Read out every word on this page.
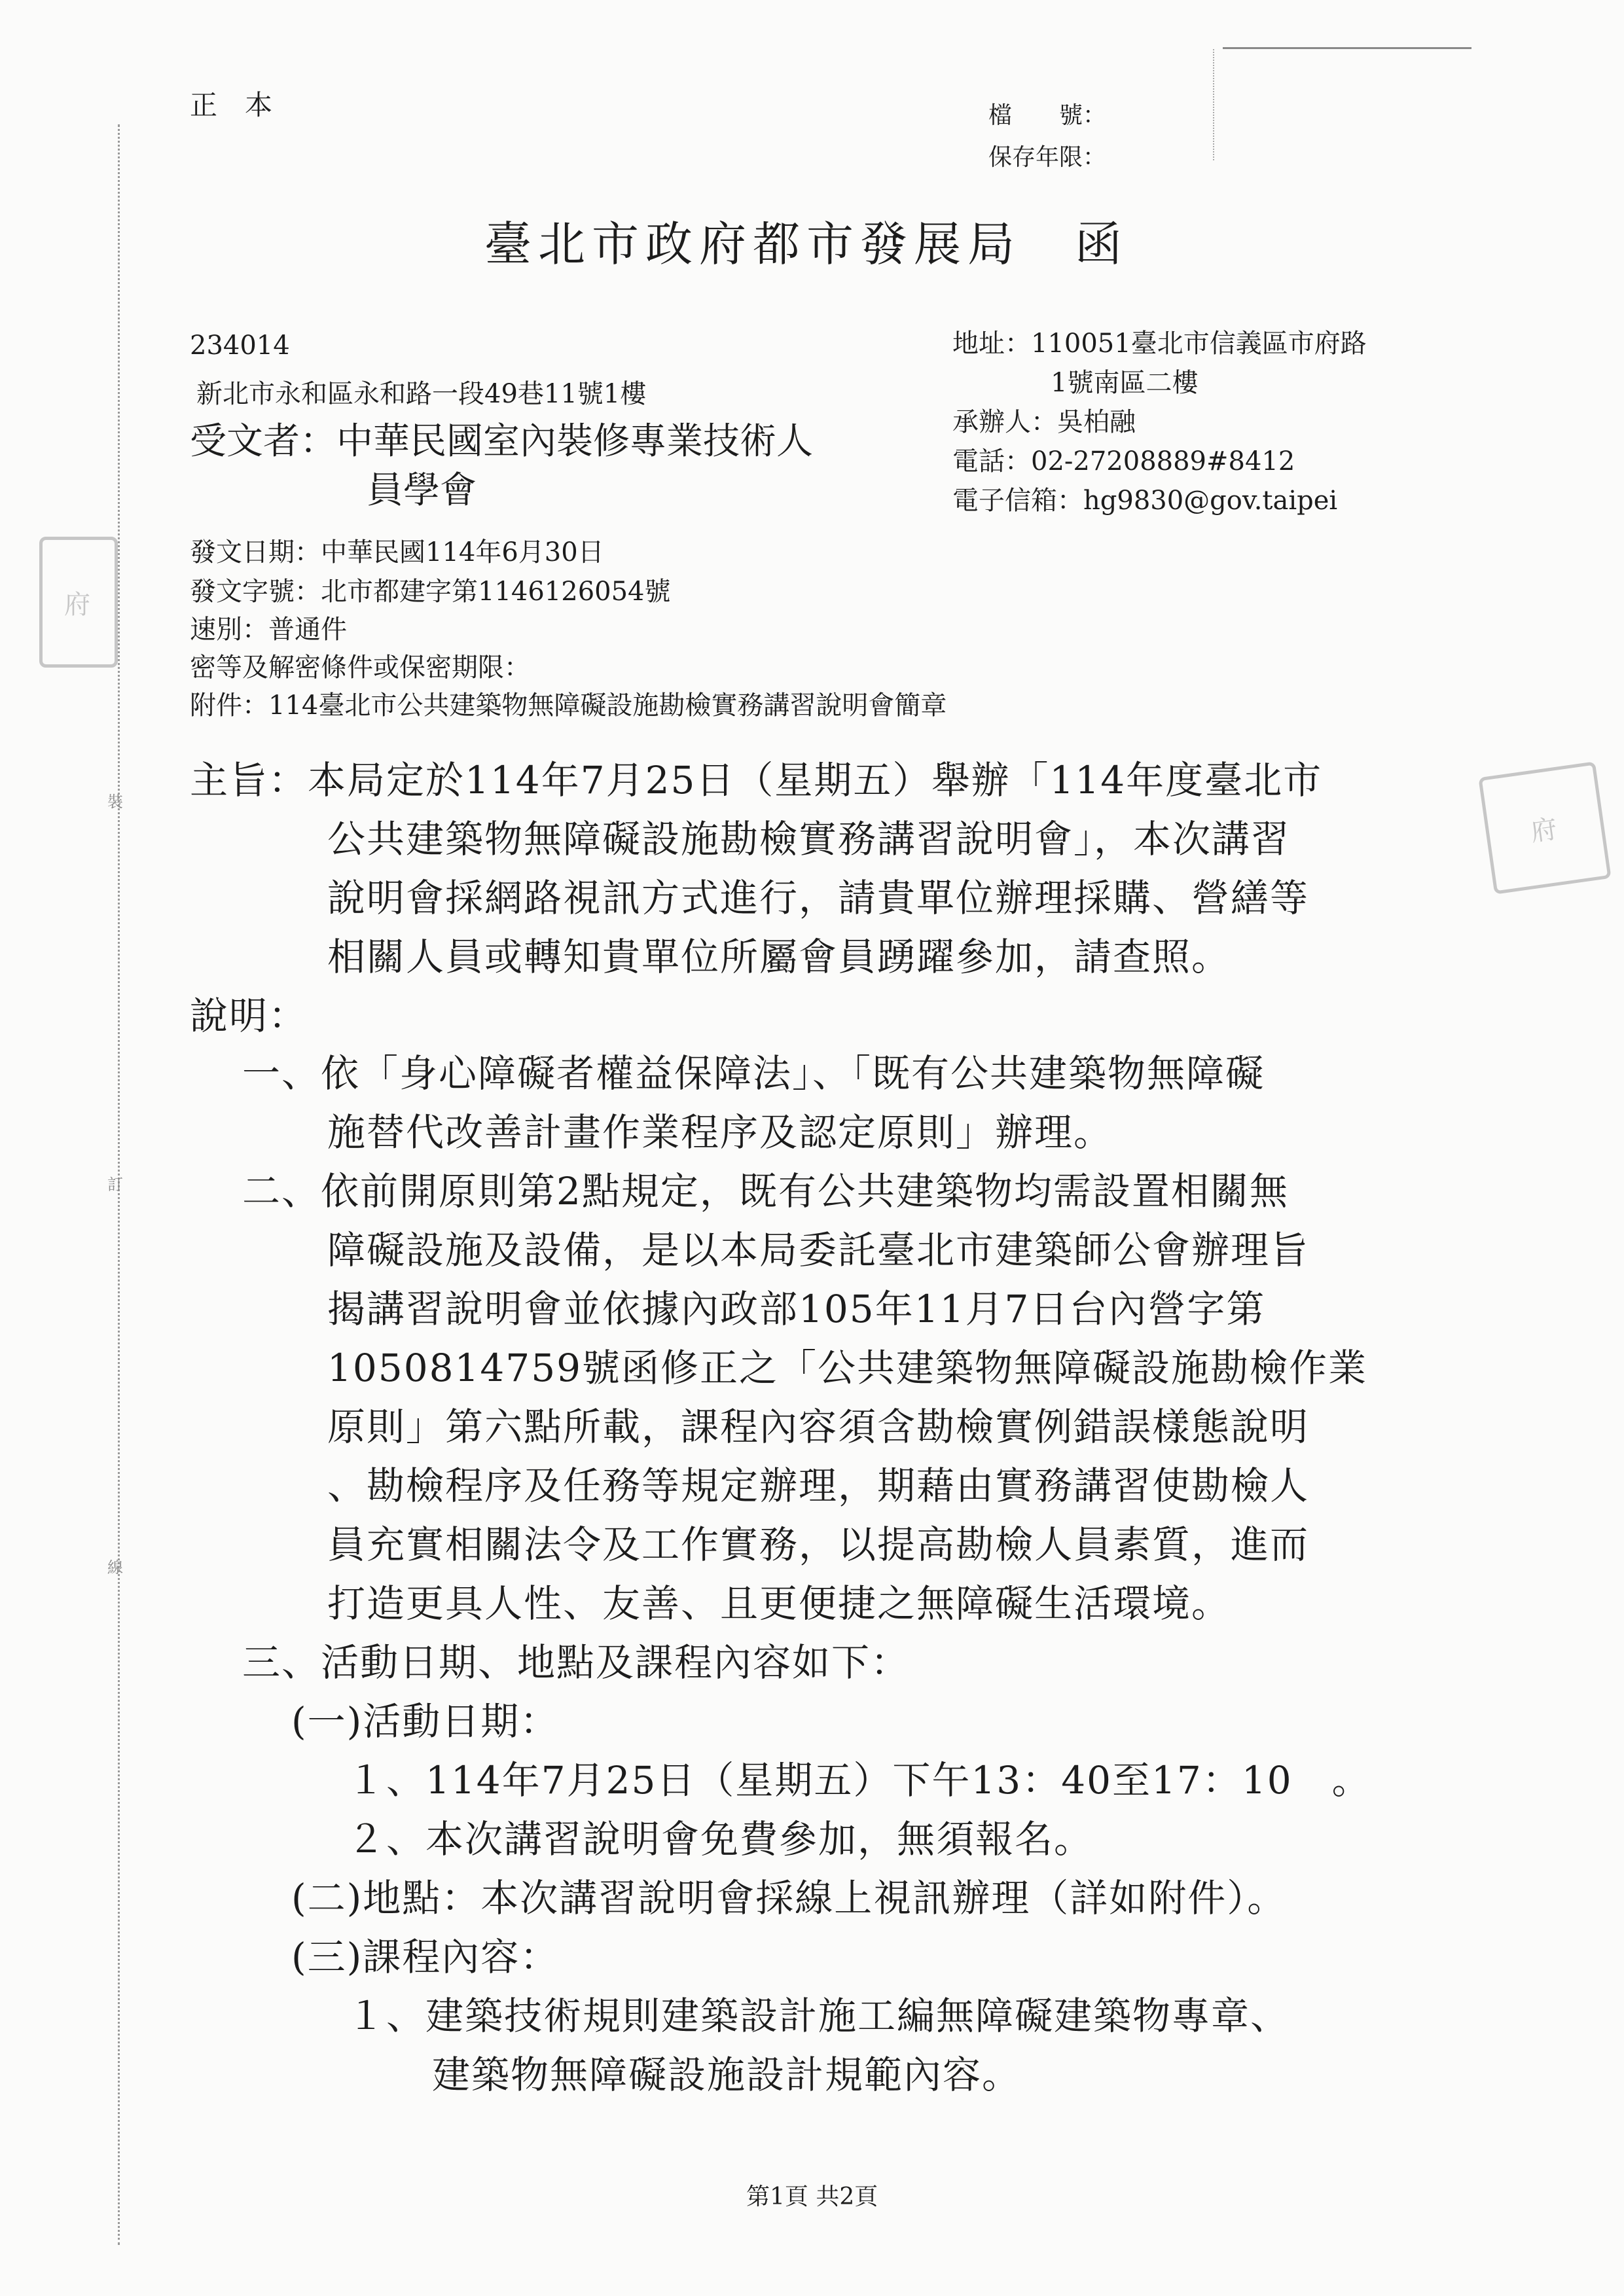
裝
訂
線
府
府
正　本	檔　　號：
保存年限：
臺北市政府都市發展局　函
234014
新北市永和區永和路一段49巷11號1樓
受文者：中華民國室內裝修專業技術人
員學會
地址：110051臺北市信義區市府路
1號南區二樓
承辦人：吳柏融
電話：02-27208889#8412
電子信箱：hg9830@gov.taipei
發文日期：中華民國114年6月30日
發文字號：北市都建字第1146126054號
速別：普通件
密等及解密條件或保密期限：
附件：114臺北市公共建築物無障礙設施勘檢實務講習說明會簡章
主旨：本局定於114年7月25日（星期五）舉辦「114年度臺北市
公共建築物無障礙設施勘檢實務講習說明會」，本次講習
說明會採網路視訊方式進行，請貴單位辦理採購、營繕等
相關人員或轉知貴單位所屬會員踴躍參加，請查照。
說明：
一、依「身心障礙者權益保障法」、「既有公共建築物無障礙
施替代改善計畫作業程序及認定原則」辦理。
二、依前開原則第2點規定，既有公共建築物均需設置相關無
障礙設施及設備，是以本局委託臺北市建築師公會辦理旨
揭講習說明會並依據內政部105年11月7日台內營字第
1050814759號函修正之「公共建築物無障礙設施勘檢作業
原則」第六點所載，課程內容須含勘檢實例錯誤樣態說明
、勘檢程序及任務等規定辦理，期藉由實務講習使勘檢人
員充實相關法令及工作實務，以提高勘檢人員素質，進而
打造更具人性、友善、且更便捷之無障礙生活環境。
三、活動日期、地點及課程內容如下：
(一)活動日期：
１、114年7月25日（星期五）下午13：40至17：10　。
２、本次講習說明會免費參加，無須報名。
(二)地點：本次講習說明會採線上視訊辦理（詳如附件）。
(三)課程內容：
１、建築技術規則建築設計施工編無障礙建築物專章、
建築物無障礙設施設計規範內容。
第1頁 共2頁
